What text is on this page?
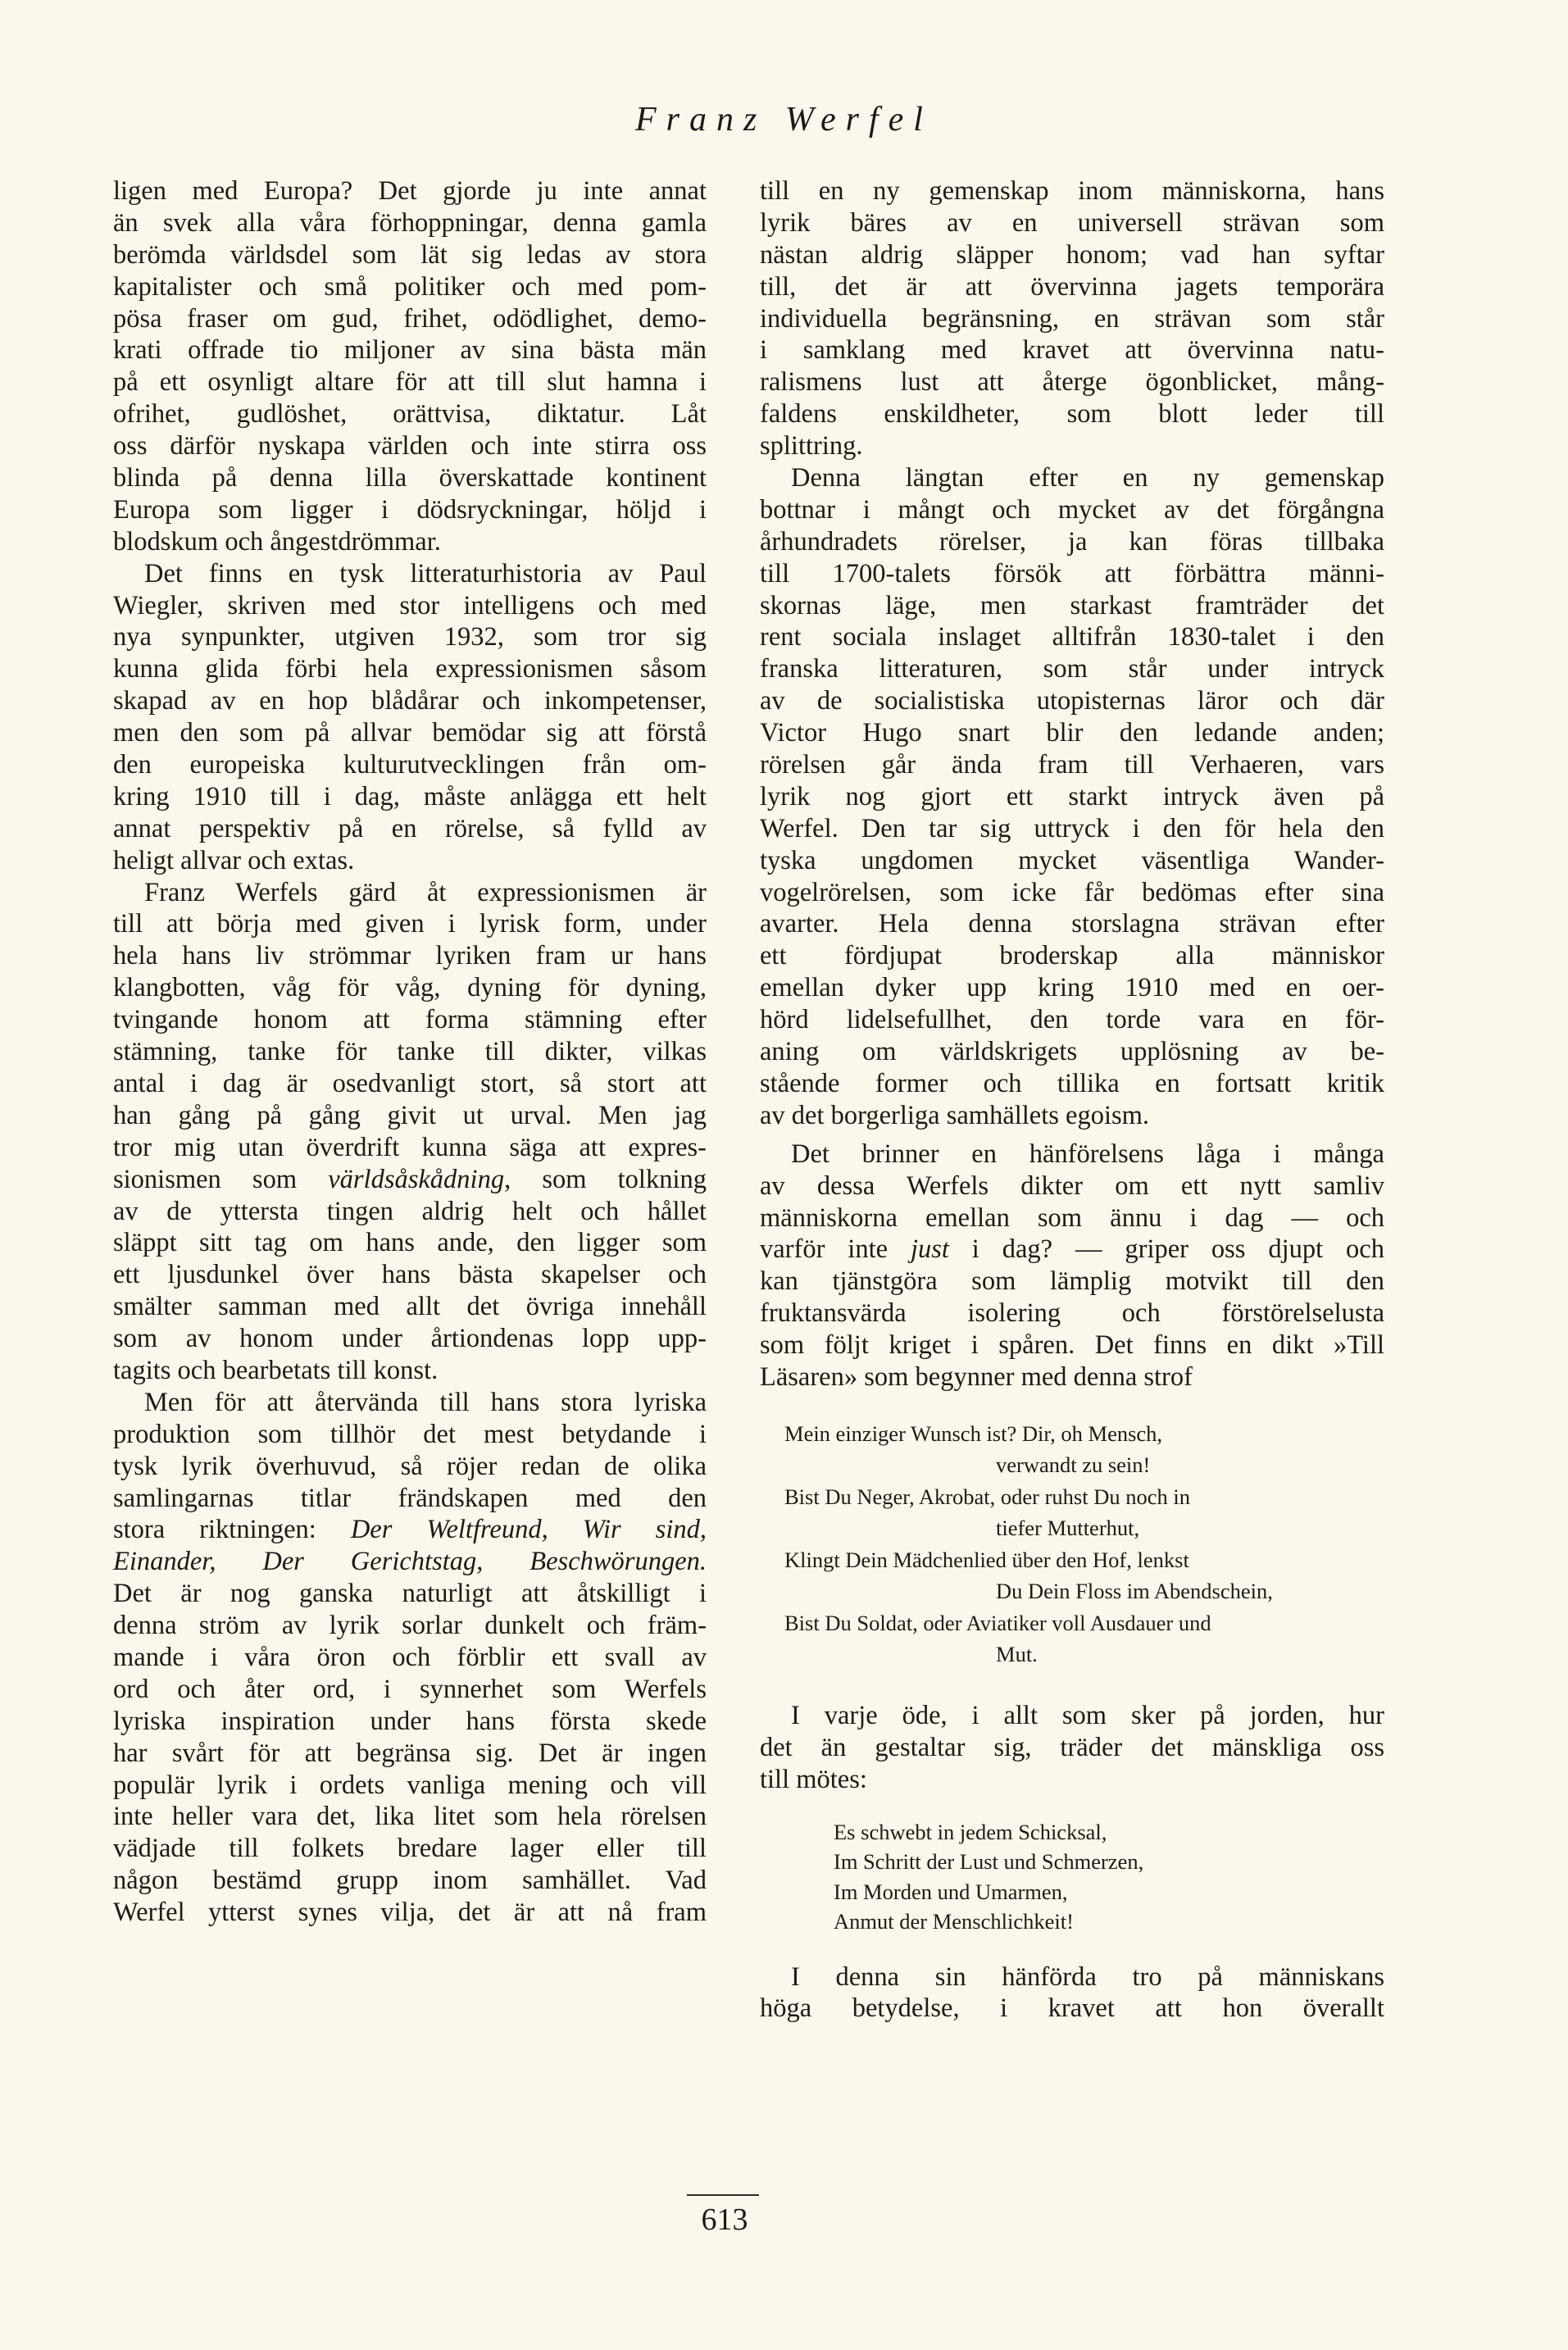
Franz Werfel
ligen med Europa? Det gjorde ju inte annat
än svek alla våra förhoppningar, denna gamla
berömda världsdel som lät sig ledas av stora
kapitalister och små politiker och med pom-
pösa fraser om gud, frihet, odödlighet, demo-
krati offrade tio miljoner av sina bästa män
på ett osynligt altare för att till slut hamna i
ofrihet, gudlöshet, orättvisa, diktatur. Låt
oss därför nyskapa världen och inte stirra oss
blinda på denna lilla överskattade kontinent
Europa som ligger i dödsryckningar, höljd i
blodskum och ångestdrömmar.
Det finns en tysk litteraturhistoria av Paul
Wiegler, skriven med stor intelligens och med
nya synpunkter, utgiven 1932, som tror sig
kunna glida förbi hela expressionismen såsom
skapad av en hop blådårar och inkompetenser,
men den som på allvar bemödar sig att förstå
den europeiska kulturutvecklingen från om-
kring 1910 till i dag, måste anlägga ett helt
annat perspektiv på en rörelse, så fylld av
heligt allvar och extas.
Franz Werfels gärd åt expressionismen är
till att börja med given i lyrisk form, under
hela hans liv strömmar lyriken fram ur hans
klangbotten, våg för våg, dyning för dyning,
tvingande honom att forma stämning efter
stämning, tanke för tanke till dikter, vilkas
antal i dag är osedvanligt stort, så stort att
han gång på gång givit ut urval. Men jag
tror mig utan överdrift kunna säga att expres-
sionismen som världsåskådning, som tolkning
av de yttersta tingen aldrig helt och hållet
släppt sitt tag om hans ande, den ligger som
ett ljusdunkel över hans bästa skapelser och
smälter samman med allt det övriga innehåll
som av honom under årtiondenas lopp upp-
tagits och bearbetats till konst.
Men för att återvända till hans stora lyriska
produktion som tillhör det mest betydande i
tysk lyrik överhuvud, så röjer redan de olika
samlingarnas titlar frändskapen med den
stora riktningen: Der Weltfreund, Wir sind,
Einander, Der Gerichtstag, Beschwörungen.
Det är nog ganska naturligt att åtskilligt i
denna ström av lyrik sorlar dunkelt och främ-
mande i våra öron och förblir ett svall av
ord och åter ord, i synnerhet som Werfels
lyriska inspiration under hans första skede
har svårt för att begränsa sig. Det är ingen
populär lyrik i ordets vanliga mening och vill
inte heller vara det, lika litet som hela rörelsen
vädjade till folkets bredare lager eller till
någon bestämd grupp inom samhället. Vad
Werfel ytterst synes vilja, det är att nå fram
till en ny gemenskap inom människorna, hans
lyrik bäres av en universell strävan som
nästan aldrig släpper honom; vad han syftar
till, det är att övervinna jagets temporära
individuella begränsning, en strävan som står
i samklang med kravet att övervinna natu-
ralismens lust att återge ögonblicket, mång-
faldens enskildheter, som blott leder till
splittring.
Denna längtan efter en ny gemenskap
bottnar i mångt och mycket av det förgångna
århundradets rörelser, ja kan föras tillbaka
till 1700-talets försök att förbättra männi-
skornas läge, men starkast framträder det
rent sociala inslaget alltifrån 1830-talet i den
franska litteraturen, som står under intryck
av de socialistiska utopisternas läror och där
Victor Hugo snart blir den ledande anden;
rörelsen går ända fram till Verhaeren, vars
lyrik nog gjort ett starkt intryck även på
Werfel. Den tar sig uttryck i den för hela den
tyska ungdomen mycket väsentliga Wander-
vogelrörelsen, som icke får bedömas efter sina
avarter. Hela denna storslagna strävan efter
ett fördjupat broderskap alla människor
emellan dyker upp kring 1910 med en oer-
hörd lidelsefullhet, den torde vara en för-
aning om världskrigets upplösning av be-
stående former och tillika en fortsatt kritik
av det borgerliga samhällets egoism.
Det brinner en hänförelsens låga i många
av dessa Werfels dikter om ett nytt samliv
människorna emellan som ännu i dag — och
varför inte just i dag? — griper oss djupt och
kan tjänstgöra som lämplig motvikt till den
fruktansvärda isolering och förstörelselusta
som följt kriget i spåren. Det finns en dikt »Till
Läsaren» som begynner med denna strof
Mein einziger Wunsch ist? Dir, oh Mensch,
verwandt zu sein!
Bist Du Neger, Akrobat, oder ruhst Du noch in
tiefer Mutterhut,
Klingt Dein Mädchenlied über den Hof, lenkst
Du Dein Floss im Abendschein,
Bist Du Soldat, oder Aviatiker voll Ausdauer und
Mut.
I varje öde, i allt som sker på jorden, hur
det än gestaltar sig, träder det mänskliga oss
till mötes:
Es schwebt in jedem Schicksal,
Im Schritt der Lust und Schmerzen,
Im Morden und Umarmen,
Anmut der Menschlichkeit!
I denna sin hänförda tro på människans
höga betydelse, i kravet att hon överallt
613
